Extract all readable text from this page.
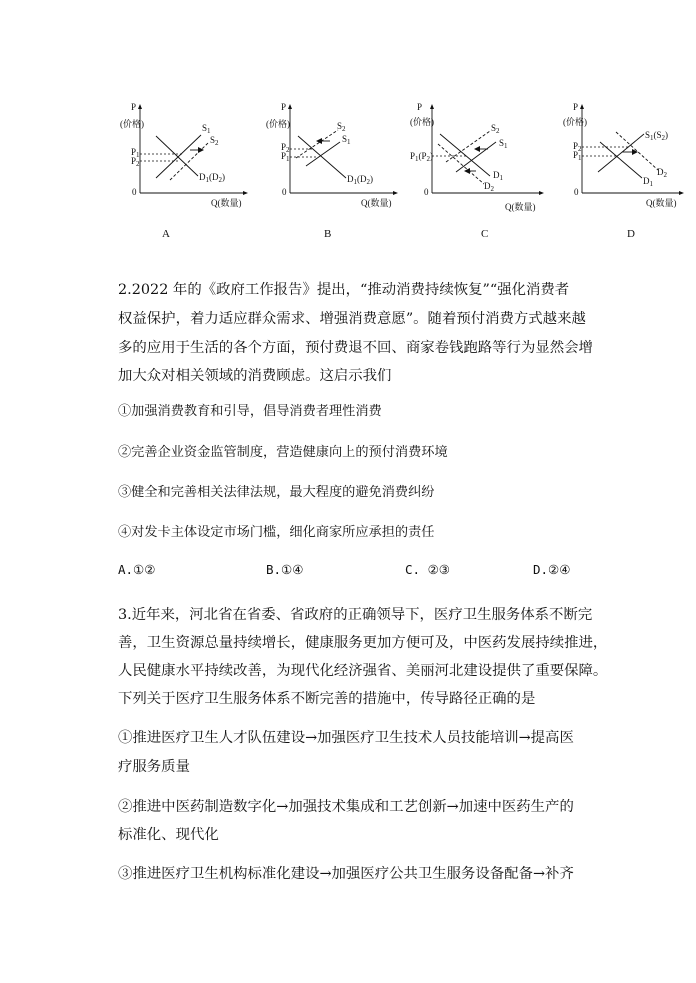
P
(价格)
Q(数量)
0
$S_1$
$S_2$
$D_1(D_2)$
$P_1$
$P_2$
P
(价格)
Q(数量)
0
$S_2$
$S_1$
$D_1(D_2)$
$P_2$
$P_1$
P
(价格)
Q(数量)
0
$S_2$
$S_1$
$D_1$
$D_2$
$P_1(P_2)$
P
(价格)
Q(数量)
0
$S_1(S_2)$
$D_1$
$D_2$
$P_2$
$P_1$
A	B	C	D
2.2022 年的《政府工作报告》提出，“推动消费持续恢复”“强化消费者
权益保护，着力适应群众需求、增强消费意愿”。随着预付消费方式越来越
多的应用于生活的各个方面，预付费退不回、商家卷钱跑路等行为显然会增
加大众对相关领域的消费顾虑。这启示我们
①加强消费教育和引导，倡导消费者理性消费
②完善企业资金监管制度，营造健康向上的预付消费环境
③健全和完善相关法律法规，最大程度的避免消费纠纷
④对发卡主体设定市场门槛，细化商家所应承担的责任
A.①②	B.①④	C. ②③	D.②④
3.近年来，河北省在省委、省政府的正确领导下，医疗卫生服务体系不断完
善，卫生资源总量持续增长，健康服务更加方便可及，中医药发展持续推进，
人民健康水平持续改善，为现代化经济强省、美丽河北建设提供了重要保障。
下列关于医疗卫生服务体系不断完善的措施中，传导路径正确的是
①推进医疗卫生人才队伍建设→加强医疗卫生技术人员技能培训→提高医
疗服务质量
②推进中医药制造数字化→加强技术集成和工艺创新→加速中医药生产的
标准化、现代化
③推进医疗卫生机构标准化建设→加强医疗公共卫生服务设备配备→补齐
